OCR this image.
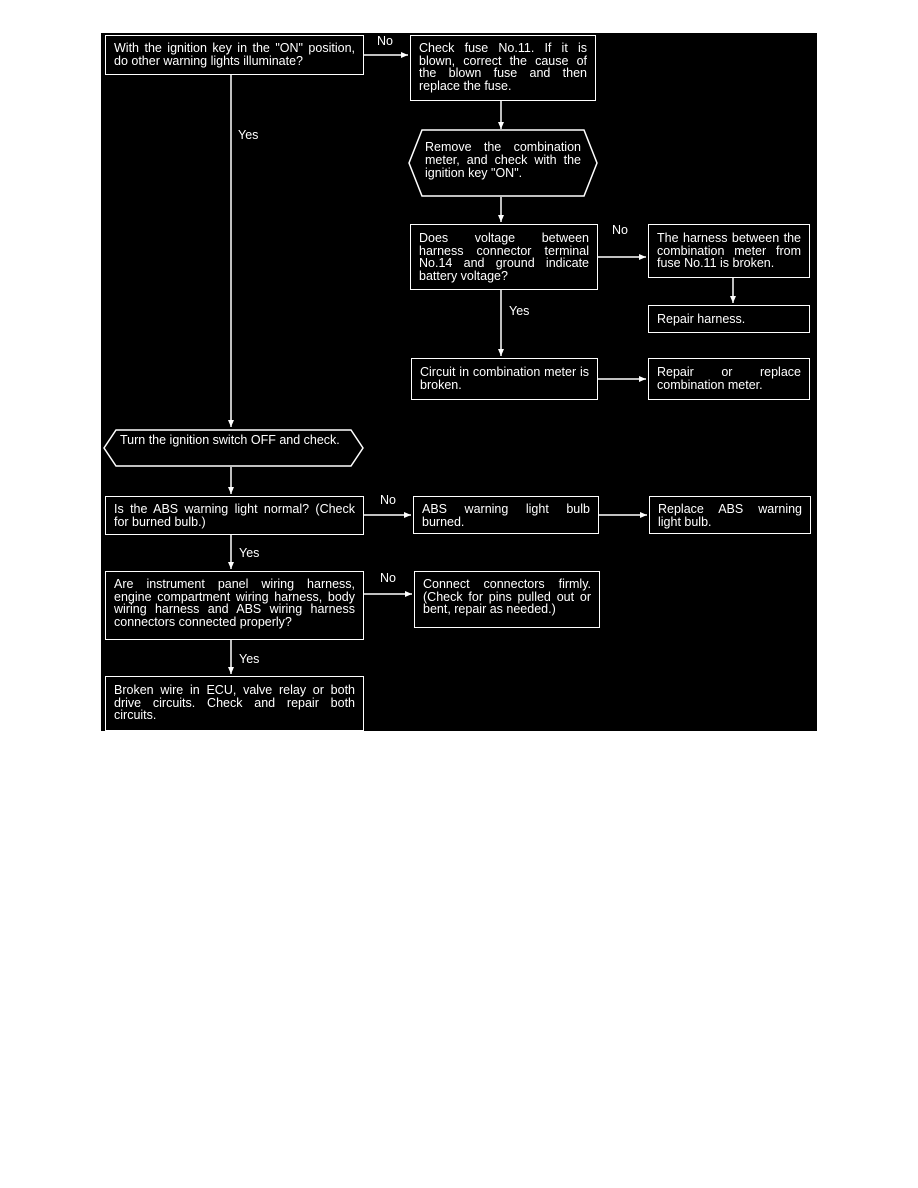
With the ignition key in the "ON" position, do other warning lights illuminate?
Check fuse No.11. If it is blown, correct the cause of the blown fuse and then replace the fuse.
Remove the combination meter, and check with the ignition key "ON".
Does voltage between harness connector terminal No.14 and ground indicate battery voltage?
The harness between the combination meter from fuse No.11 is broken.
Repair harness.
Circuit in combination meter is broken.
Repair or replace combination meter.
Turn the ignition switch OFF and check.
Is the ABS warning light normal? (Check for burned bulb.)
ABS warning light bulb burned.
Replace ABS warning light bulb.
Are instrument panel wiring harness, engine compartment wiring harness, body wiring harness and ABS wiring harness connectors connected properly?
Connect connectors firmly. (Check for pins pulled out or bent, repair as needed.)
Broken wire in ECU, valve relay or both drive circuits. Check and repair both circuits.
No
Yes
No
Yes
No
Yes
No
Yes
